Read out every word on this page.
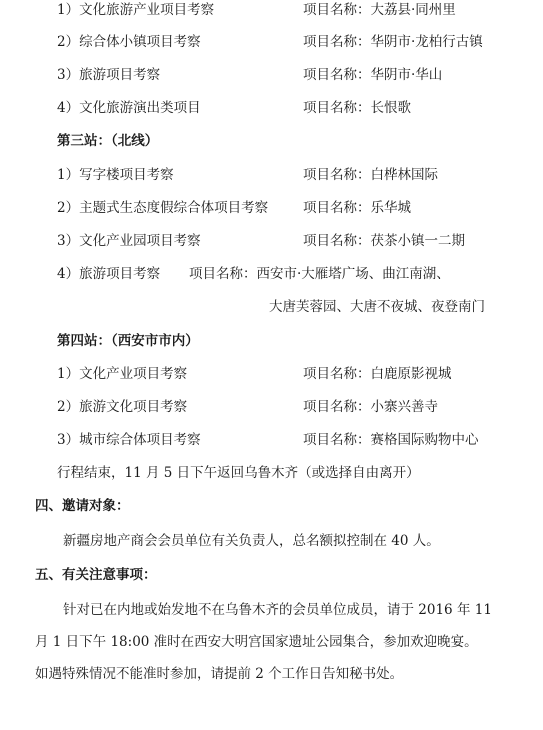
1）文化旅游产业项目考察	项目名称：大荔县·同州里
2）综合体小镇项目考察	项目名称：华阴市·龙柏行古镇
3）旅游项目考察	项目名称：华阴市·华山
4）文化旅游演出类项目	项目名称：长恨歌
第三站：（北线）
1）写字楼项目考察	项目名称：白桦林国际
2）主题式生态度假综合体项目考察	项目名称：乐华城
3）文化产业园项目考察	项目名称：茯茶小镇一二期
4）旅游项目考察 项目名称：西安市·大雁塔广场、曲江南湖、
大唐芙蓉园、大唐不夜城、夜登南门
第四站：（西安市市内）
1）文化产业项目考察	项目名称：白鹿原影视城
2）旅游文化项目考察	项目名称：小寨兴善寺
3）城市综合体项目考察	项目名称：赛格国际购物中心
行程结束，11 月 5 日下午返回乌鲁木齐（或选择自由离开）
四、邀请对象：
新疆房地产商会会员单位有关负责人，总名额拟控制在 40 人。
五、有关注意事项：
针对已在内地或始发地不在乌鲁木齐的会员单位成员，请于 2016 年 11
月 1 日下午 18:00 准时在西安大明宫国家遗址公园集合，参加欢迎晚宴。
如遇特殊情况不能准时参加，请提前 2 个工作日告知秘书处。
